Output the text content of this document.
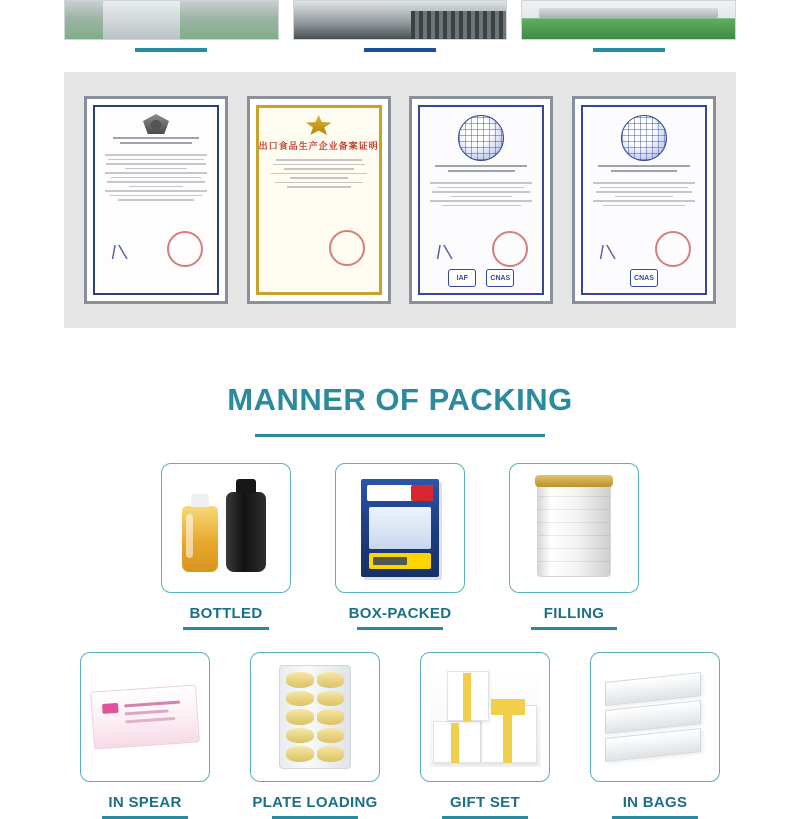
出口食品生产企业备案证明
IAF	CNAS	CNAS
MANNER OF PACKING
BOTTLED	BOX-PACKED	FILLING
IN SPEAR	PLATE LOADING	GIFT SET	IN BAGS
